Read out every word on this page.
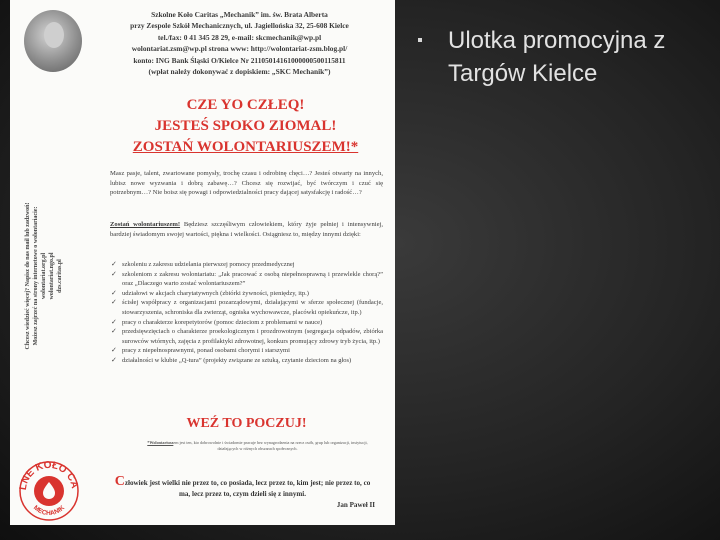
Szkolne Koło Caritas „Mechanik” im. św. Brata Alberta
przy Zespole Szkół Mechanicznych, ul. Jagiellońska 32, 25-608 Kielce
tel./fax: 0 41 345 28 29, e-mail: skcmechanik@wp.pl
wolontariat.zsm@wp.pl strona www: http://wolontariat-zsm.blog.pl/
konto: ING Bank Śląski O/Kielce Nr 21105014161000000500115811
(wpłat należy dokonywać z dopiskiem: „SKC Mechanik”)
CZE YO CZŁEQ!
JESTEŚ SPOKO ZIOMAL!
ZOSTAŃ WOLONTARIUSZEM!*
Chcesz wiedzieć więcej? Napisz do nas mail lub zadzwoń! Możesz zajrzeć na strony internetowe o wolontariacie: wolontariat.org.pl wolontariat.ngo.pl dzs.caritas.pl
Masz pasje, talent, zwariowane pomysły, trochę czasu i odrobinę chęci…? Jesteś otwarty na innych, lubisz nowe wyzwania i dobrą zabawę…? Chcesz się rozwijać, być twórczym i czuć się potrzebnym…? Nie boisz się powagi i odpowiedzialności pracy dającej satysfakcję i radość…?
Zostań wolontariuszem! Będziesz szczęśliwym człowiekiem, który żyje pełniej i intensywniej, bardziej świadomym swojej wartości, piękna i wielkości. Osiągniesz to, między innymi dzięki:
✓ szkoleniu z zakresu udzielania pierwszej pomocy przedmedycznej
✓ szkoleniom z zakresu wolontariatu: „Jak pracować z osobą niepełnosprawną i przewlekle chorą?” oraz „Dlaczego warto zostać wolontariuszem?”
✓ udziałowi w akcjach charytatywnych (zbiórki żywności, pieniędzy, itp.)
✓ ścisłej współpracy z organizacjami pozarządowymi, działającymi w sferze społecznej (fundacje, stowarzyszenia, schroniska dla zwierząt, ogniska wychowawcze, placówki opiekuńcze, itp.)
✓ pracy o charakterze korepetytorów (pomoc dzieciom z problemami w nauce)
✓ przedsięwzięciach o charakterze proekologicznym i prozdrowotnym (segregacja odpadów, zbiórka surowców wtórnych, zajęcia z profilaktyki zdrowotnej, konkurs promujący zdrowy tryb życia, itp.)
✓ pracy z niepełnosprawnymi, ponad osobami chorymi i starszymi
✓ działalności w klubie „Q-tura” (projekty związane ze sztuką, czytanie dzieciom na głos)
WEŹ TO POCZUJ!
*Wolontariuszem jest ten, kto dobrowolnie i świadomie pracuje bez wynagrodzenia na rzecz osób, grup lub organizacji, instytucji, działających w różnych obszarach społecznych.
Człowiek jest wielki nie przez to, co posiada, lecz przez to, kim jest; nie przez to, co ma, lecz przez to, czym dzieli się z innymi.
Jan Paweł II
LNE KOŁO CA
MECHANIK
Ulotka promocyjna z Targów Kielce
